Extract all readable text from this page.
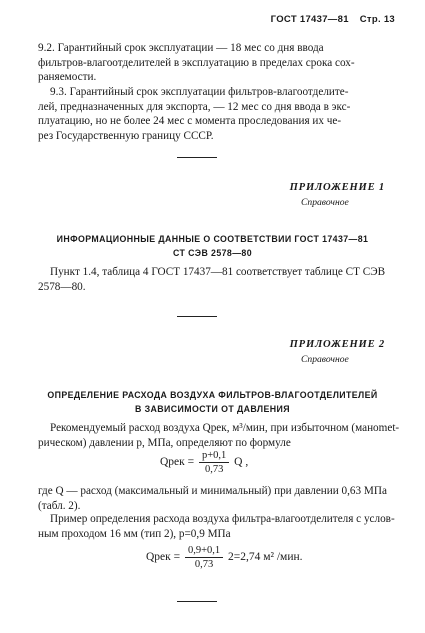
ГОСТ 17437—81 Стр. 13
9.2. Гарантийный срок эксплуатации — 18 мес со дня ввода
фильтров-влагоотделителей в эксплуатацию в пределах срока сох-
раняемости.
9.3. Гарантийный срок эксплуатации фильтров-влагоотделите-
лей, предназначенных для экспорта, — 12 мес со дня ввода в экс-
плуатацию, но не более 24 мес с момента проследования их че-
рез Государственную границу СССР.
ПРИЛОЖЕНИЕ 1
Справочное
ИНФОРМАЦИОННЫЕ ДАННЫЕ О СООТВЕТСТВИИ ГОСТ 17437—81
СТ СЭВ 2578—80
Пункт 1.4, таблица 4 ГОСТ 17437—81 соответствует таблице СТ СЭВ
2578—80.
ПРИЛОЖЕНИЕ 2
Справочное
ОПРЕДЕЛЕНИЕ РАСХОДА ВОЗДУХА ФИЛЬТРОВ-ВЛАГООТДЕЛИТЕЛЕЙ
В ЗАВИСИМОСТИ ОТ ДАВЛЕНИЯ
Рекомендуемый расход воздуха Qрек, м³/мин, при избыточном (манomet-
рическом) давлении p, МПа, определяют по формуле
Qрек = $\frac{p+0,1}{0,73}$ Q ,
где Q — расход (максимальный и минимальный) при давлении 0,63 МПа
(табл. 2).
Пример определения расхода воздуха фильтра-влагоотделителя с услов-
ным проходом 16 мм (тип 2), p=0,9 МПа
Qрек = $\frac{0,9+0,1}{0,73} 2=2,74$ м² /мин.
